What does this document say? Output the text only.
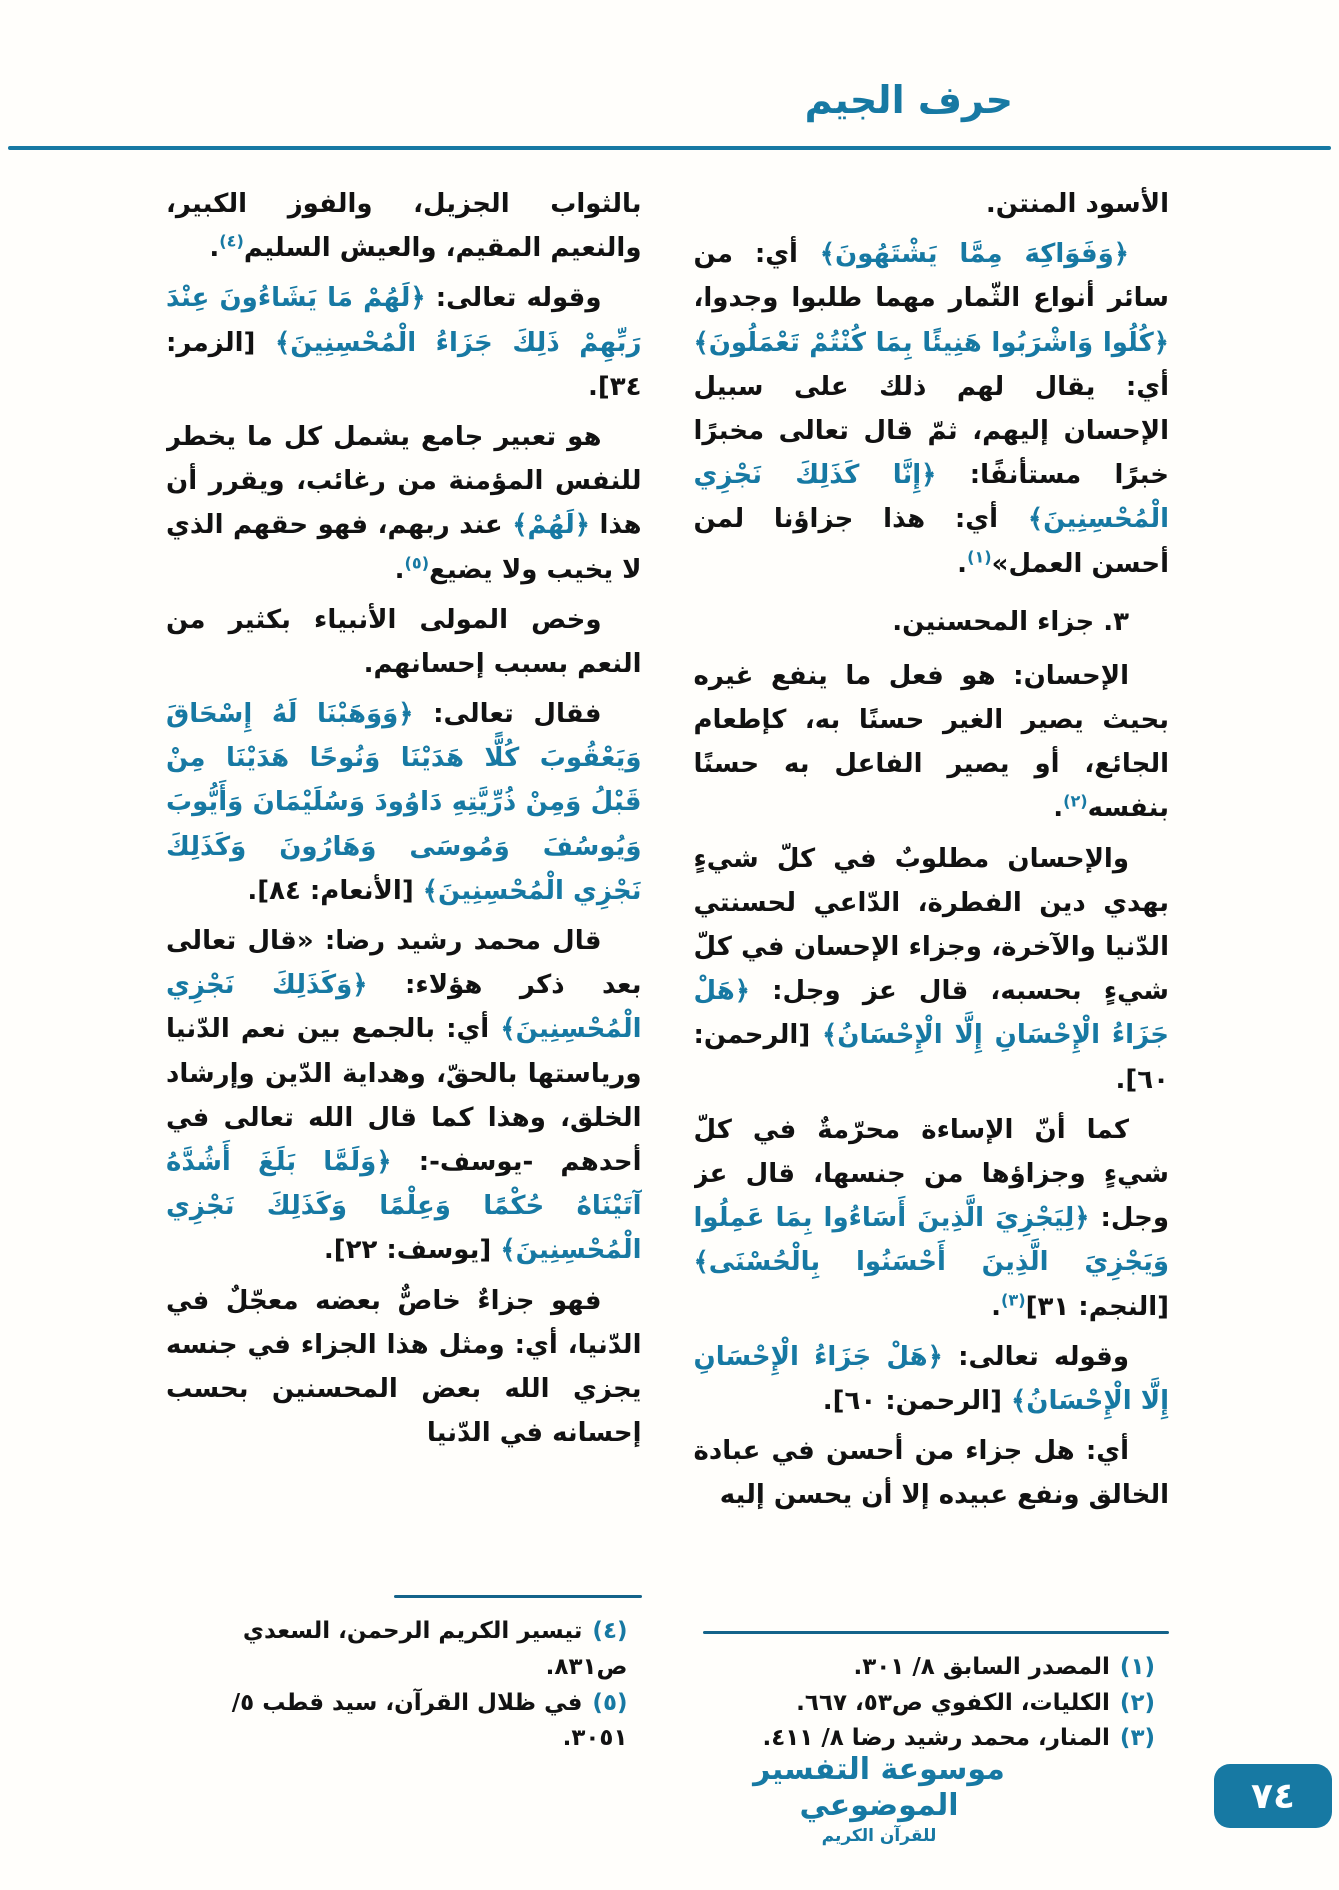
حرف الجيم
الأسود المنتن.
﴿وَفَوَاكِهَ مِمَّا يَشْتَهُونَ﴾ أي: من سائر أنواع الثّمار مهما طلبوا وجدوا، ﴿كُلُوا وَاشْرَبُوا هَنِيئًا بِمَا كُنْتُمْ تَعْمَلُونَ﴾ أي: يقال لهم ذلك على سبيل الإحسان إليهم، ثمّ قال تعالى مخبرًا خبرًا مستأنفًا: ﴿إِنَّا كَذَلِكَ نَجْزِي الْمُحْسِنِينَ﴾ أي: هذا جزاؤنا لمن أحسن العمل»$^{(١)}$.
٣. جزاء المحسنين.
الإحسان: هو فعل ما ينفع غيره بحيث يصير الغير حسنًا به، كإطعام الجائع، أو يصير الفاعل به حسنًا بنفسه$^{(٢)}$.
والإحسان مطلوبٌ في كلّ شيءٍ بهدي دين الفطرة، الدّاعي لحسنتي الدّنيا والآخرة، وجزاء الإحسان في كلّ شيءٍ بحسبه، قال عز وجل: ﴿هَلْ جَزَاءُ الْإِحْسَانِ إِلَّا الْإِحْسَانُ﴾ [الرحمن: ٦٠].
كما أنّ الإساءة محرّمةٌ في كلّ شيءٍ وجزاؤها من جنسها، قال عز وجل: ﴿لِيَجْزِيَ الَّذِينَ أَسَاءُوا بِمَا عَمِلُوا وَيَجْزِيَ الَّذِينَ أَحْسَنُوا بِالْحُسْنَى﴾ [النجم: ٣١]$^{(٣)}$.
وقوله تعالى: ﴿هَلْ جَزَاءُ الْإِحْسَانِ إِلَّا الْإِحْسَانُ﴾ [الرحمن: ٦٠].
أي: هل جزاء من أحسن في عبادة الخالق ونفع عبيده إلا أن يحسن إليه
(١)المصدر السابق ٨/ ٣٠١.
(٢)الكليات، الكفوي ص٥٣، ٦٦٧.
(٣)المنار، محمد رشيد رضا ٨/ ٤١١.
بالثواب الجزيل، والفوز الكبير، والنعيم المقيم، والعيش السليم$^{(٤)}$.
وقوله تعالى: ﴿لَهُمْ مَا يَشَاءُونَ عِنْدَ رَبِّهِمْ ذَلِكَ جَزَاءُ الْمُحْسِنِينَ﴾ [الزمر: ٣٤].
هو تعبير جامع يشمل كل ما يخطر للنفس المؤمنة من رغائب، ويقرر أن هذا ﴿لَهُمْ﴾ عند ربهم، فهو حقهم الذي لا يخيب ولا يضيع$^{(٥)}$.
وخص المولى الأنبياء بكثير من النعم بسبب إحسانهم.
فقال تعالى: ﴿وَوَهَبْنَا لَهُ إِسْحَاقَ وَيَعْقُوبَ كُلًّا هَدَيْنَا وَنُوحًا هَدَيْنَا مِنْ قَبْلُ وَمِنْ ذُرِّيَّتِهِ دَاوُودَ وَسُلَيْمَانَ وَأَيُّوبَ وَيُوسُفَ وَمُوسَى وَهَارُونَ وَكَذَلِكَ نَجْزِي الْمُحْسِنِينَ﴾ [الأنعام: ٨٤].
قال محمد رشيد رضا: «قال تعالى بعد ذكر هؤلاء: ﴿وَكَذَلِكَ نَجْزِي الْمُحْسِنِينَ﴾ أي: بالجمع بين نعم الدّنيا ورياستها بالحقّ، وهداية الدّين وإرشاد الخلق، وهذا كما قال الله تعالى في أحدهم -يوسف-: ﴿وَلَمَّا بَلَغَ أَشُدَّهُ آتَيْنَاهُ حُكْمًا وَعِلْمًا وَكَذَلِكَ نَجْزِي الْمُحْسِنِينَ﴾ [يوسف: ٢٢].
فهو جزاءٌ خاصٌّ بعضه معجّلٌ في الدّنيا، أي: ومثل هذا الجزاء في جنسه يجزي الله بعض المحسنين بحسب إحسانه في الدّنيا
(٤)تيسير الكريم الرحمن، السعدي ص٨٣١.
(٥)في ظلال القرآن، سيد قطب ٥/ ٣٠٥١.
موسوعة التفسير الموضوعي
للقرآن الكريم
٧٤
